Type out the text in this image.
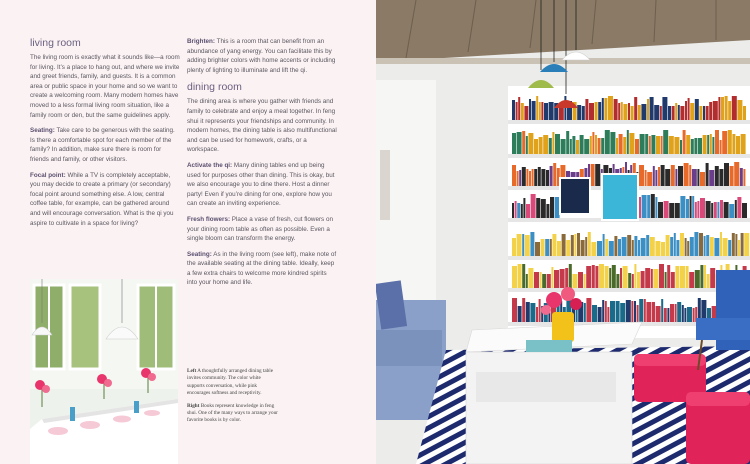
living room

The living room is exactly what it sounds like—a room for living. It’s a place to hang out, and where we invite and greet friends, family, and guests. It is a common area or public space in your home and so we want to create a welcoming room. Many modern homes have moved to a less formal living room situation, like a family room or den, but the same guidelines apply.

Seating: Take care to be generous with the seating. Is there a comfortable spot for each member of the family? In addition, make sure there is room for friends and family, or other visitors.

Focal point: While a TV is completely acceptable, you may decide to create a primary (or secondary) focal point around something else. A low, central coffee table, for example, can be gathered around and will encourage conversation. What is the qi you aspire to cultivate in a space for living?

Brighten: This is a room that can benefit from an abundance of yang energy. You can facilitate this by adding brighter colors with home accents or including plenty of lighting to illuminate and lift the qi.

dining room

The dining area is where you gather with friends and family to celebrate and enjoy a meal together. In feng shui it represents your friendships and community. In modern homes, the dining table is also multifunctional and can be used for homework, crafts, or a workspace.

Activate the qi: Many dining tables end up being used for purposes other than dining. This is okay, but we also encourage you to dine there. Host a dinner party! Even if you’re dining for one, explore how you can create an inviting experience.

Fresh flowers: Place a vase of fresh, cut flowers on your dining room table as often as possible. Even a single bloom can transform the energy.

Seating: As in the living room (see left), make note of the available seating at the dining table. Ideally, keep a few extra chairs to welcome more kindred spirits into your home and life.

Left A thoughtfully arranged dining table invites community. The color white supports conversation, while pink encourages softness and receptivity.

Right Books represent knowledge in feng shui. One of the many ways to arrange your favorite books is by color.
